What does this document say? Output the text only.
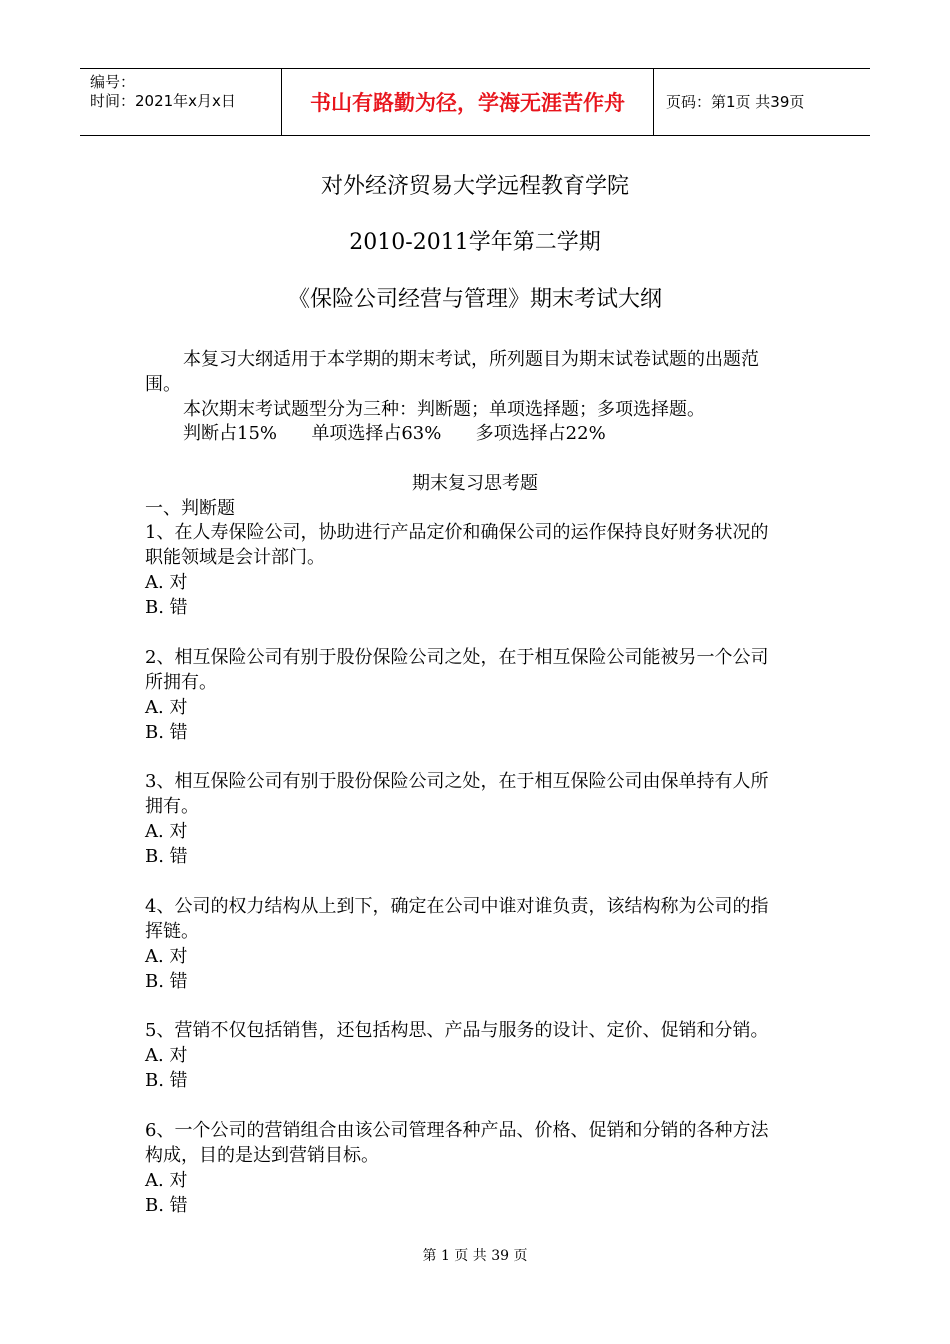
编号：
时间：2021年x月x日	书山有路勤为径，学海无涯苦作舟	页码：第1页 共39页
对外经济贸易大学远程教育学院
2010-2011学年第二学期
《保险公司经营与管理》期末考试大纲
本复习大纲适用于本学期的期末考试，所列题目为期末试卷试题的出题范
围。
本次期末考试题型分为三种：判断题；单项选择题；多项选择题。
判断占15%      单项选择占63%      多项选择占22%
期末复习思考题
一、判断题
1、在人寿保险公司，协助进行产品定价和确保公司的运作保持良好财务状况的
职能领域是会计部门。
A. 对
B. 错
2、相互保险公司有别于股份保险公司之处，在于相互保险公司能被另一个公司
所拥有。
A. 对
B. 错
3、相互保险公司有别于股份保险公司之处，在于相互保险公司由保单持有人所
拥有。
A. 对
B. 错
4、公司的权力结构从上到下，确定在公司中谁对谁负责，该结构称为公司的指
挥链。
A. 对
B. 错
5、营销不仅包括销售，还包括构思、产品与服务的设计、定价、促销和分销。
A. 对
B. 错
6、一个公司的营销组合由该公司管理各种产品、价格、促销和分销的各种方法
构成，目的是达到营销目标。
A. 对
B. 错
第 1 页 共 39 页
